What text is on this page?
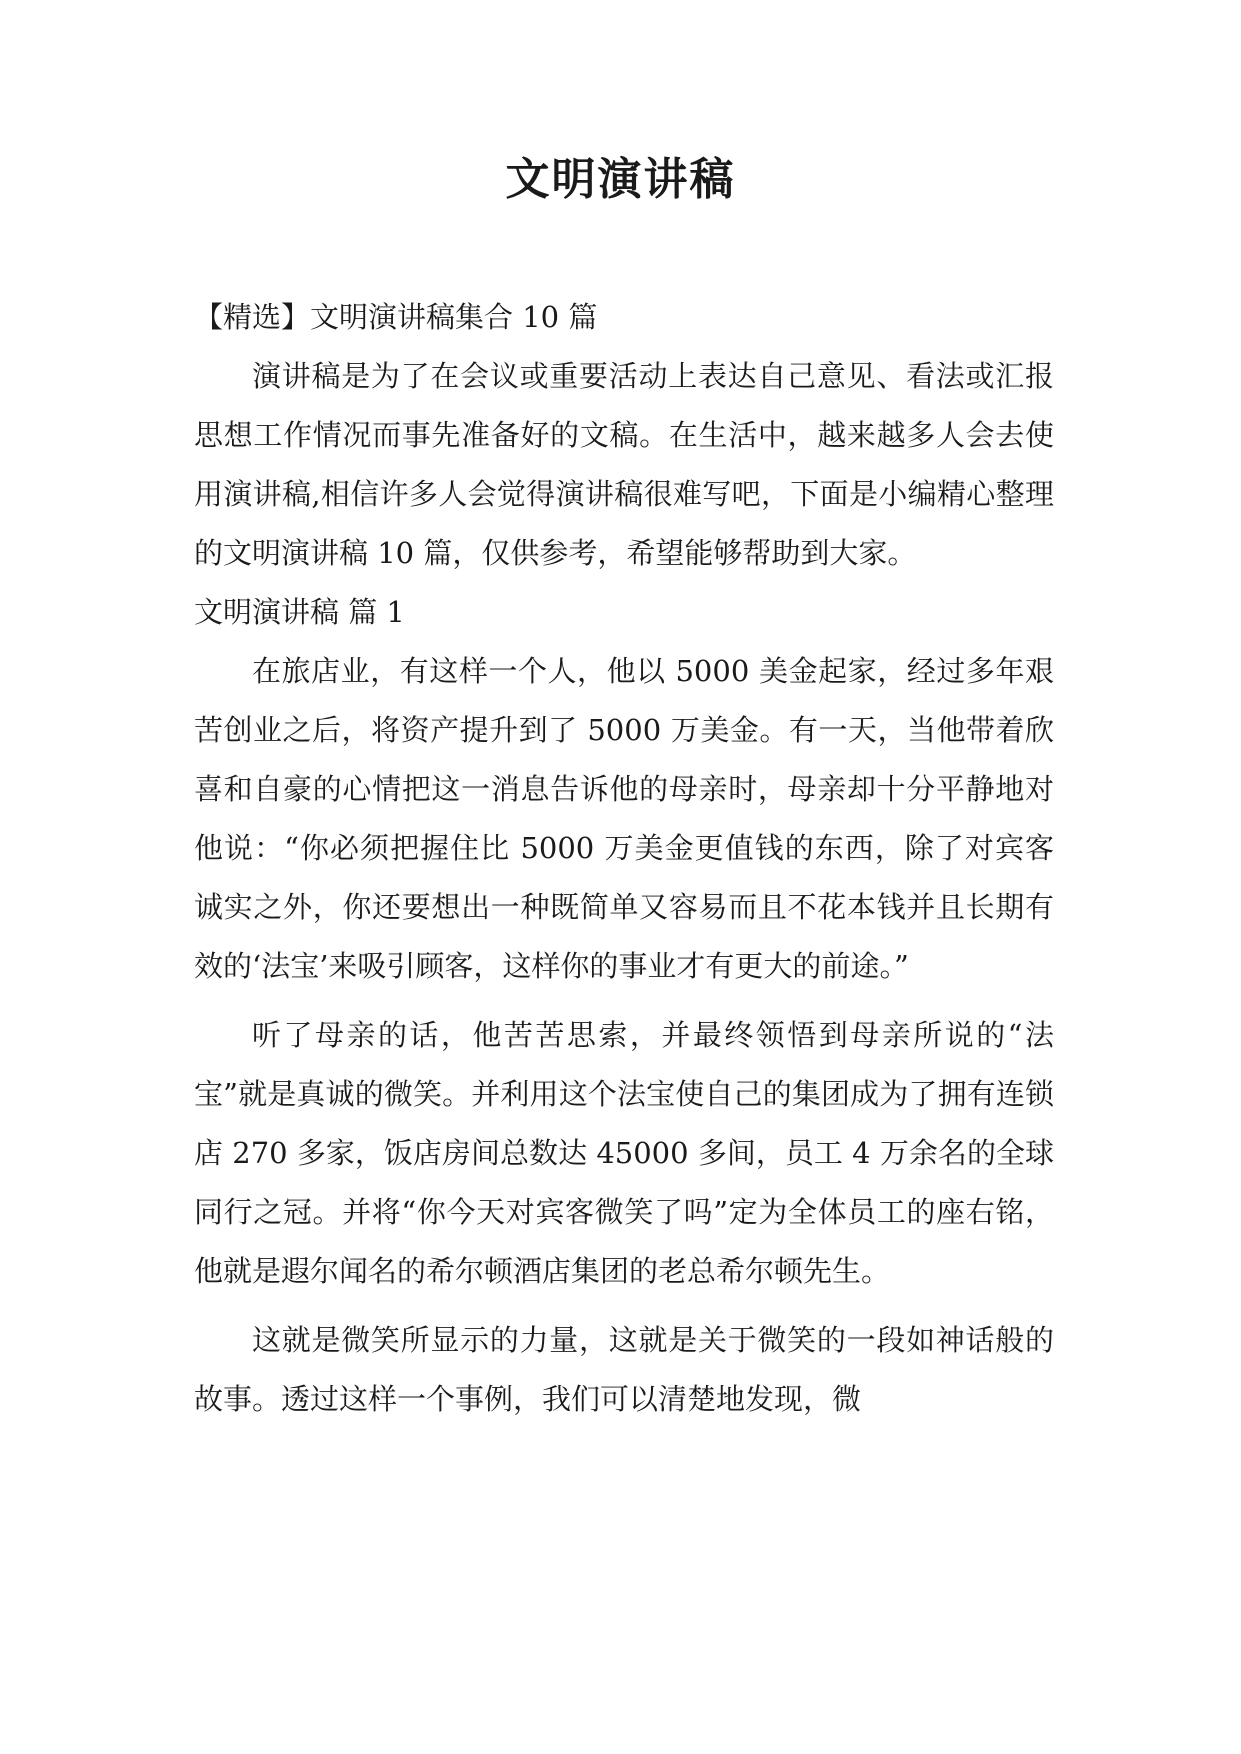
文明演讲稿

【精选】文明演讲稿集合 10 篇

演讲稿是为了在会议或重要活动上表达自己意见、看法或汇报思想工作情况而事先准备好的文稿。在生活中，越来越多人会去使用演讲稿,相信许多人会觉得演讲稿很难写吧，下面是小编精心整理的文明演讲稿 10 篇，仅供参考，希望能够帮助到大家。

文明演讲稿 篇 1

在旅店业，有这样一个人，他以 5000 美金起家，经过多年艰苦创业之后，将资产提升到了 5000 万美金。有一天，当他带着欣喜和自豪的心情把这一消息告诉他的母亲时，母亲却十分平静地对他说：“你必须把握住比 5000 万美金更值钱的东西，除了对宾客诚实之外，你还要想出一种既简单又容易而且不花本钱并且长期有效的‘法宝’来吸引顾客，这样你的事业才有更大的前途。”

听了母亲的话，他苦苦思索，并最终领悟到母亲所说的“法宝”就是真诚的微笑。并利用这个法宝使自己的集团成为了拥有连锁店 270 多家，饭店房间总数达 45000 多间，员工 4 万余名的全球同行之冠。并将“你今天对宾客微笑了吗”定为全体员工的座右铭，他就是遐尔闻名的希尔顿酒店集团的老总希尔顿先生。

这就是微笑所显示的力量，这就是关于微笑的一段如神话般的故事。透过这样一个事例，我们可以清楚地发现，微
